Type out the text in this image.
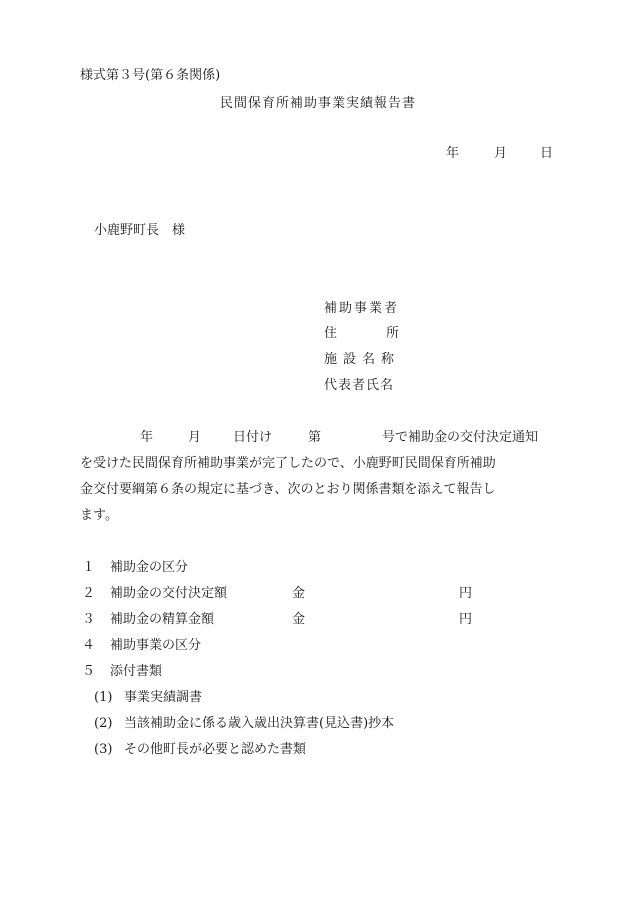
様式第３号(第６条関係)
民間保育所補助事業実績報告書
年	月	日
小鹿野町長　様
補助事業者
住	所
施設名称
代表者氏名
年	月 日付け	第	号で補助金の交付決定通知
を受けた民間保育所補助事業が完了したので、小鹿野町民間保育所補助
金交付要綱第６条の規定に基づき、次のとおり関係書類を添えて報告し
ます。
１ 補助金の区分
２ 補助金の交付決定額	金	円
３ 補助金の精算金額	金	円
４ 補助事業の区分
５ 添付書類
(1) 事業実績調書
(2) 当該補助金に係る歳入歳出決算書(見込書)抄本
(3) その他町長が必要と認めた書類
